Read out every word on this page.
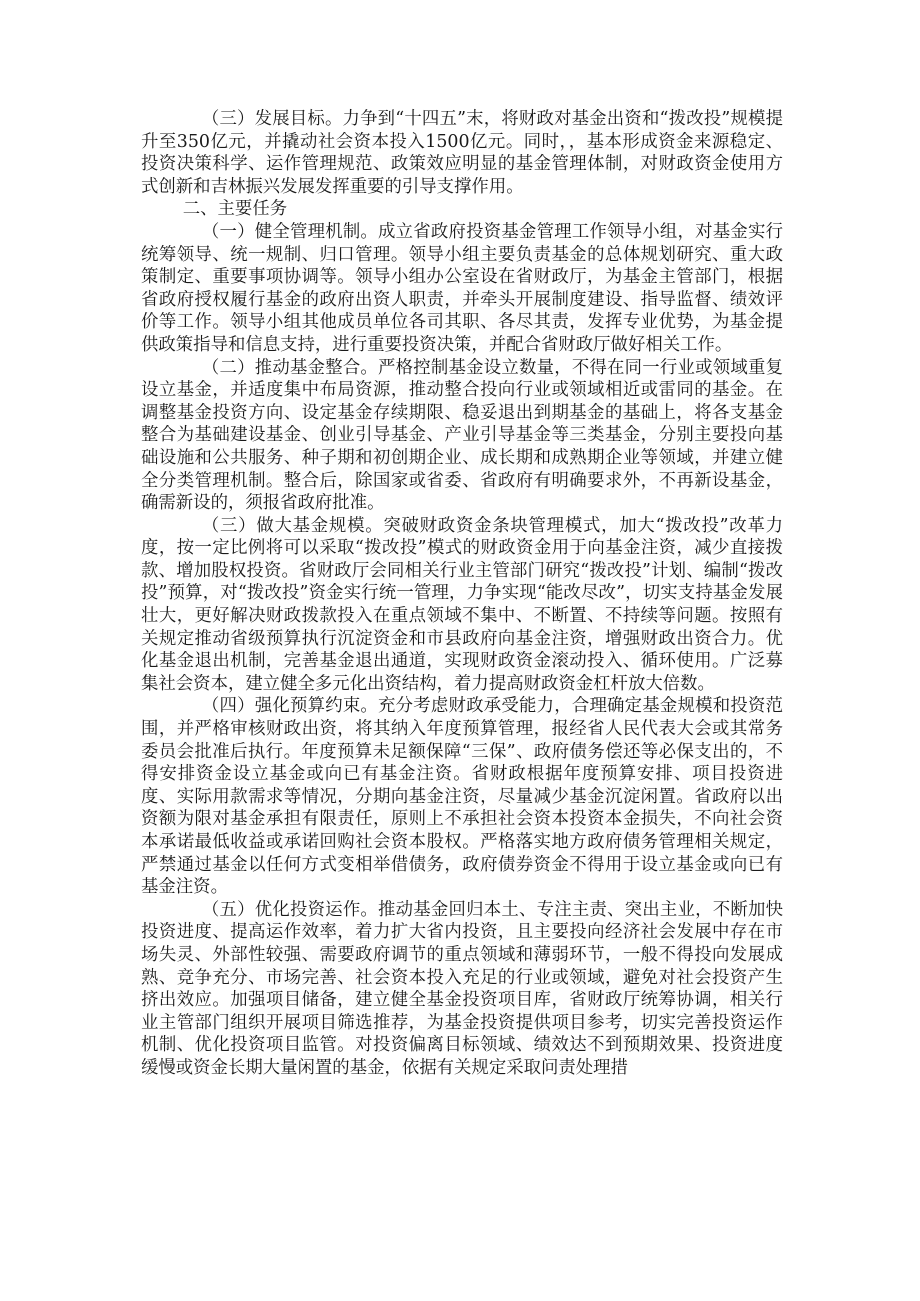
（三）发展目标。力争到“十四五”末，将财政对基金出资和“拨改投”规模提升至350亿元，并撬动社会资本投入1500亿元。同时，，基本形成资金来源稳定、投资决策科学、运作管理规范、政策效应明显的基金管理体制，对财政资金使用方式创新和吉林振兴发展发挥重要的引导支撑作用。

二、主要任务

（一）健全管理机制。成立省政府投资基金管理工作领导小组，对基金实行统筹领导、统一规制、归口管理。领导小组主要负责基金的总体规划研究、重大政策制定、重要事项协调等。领导小组办公室设在省财政厅，为基金主管部门，根据省政府授权履行基金的政府出资人职责，并牵头开展制度建设、指导监督、绩效评价等工作。领导小组其他成员单位各司其职、各尽其责，发挥专业优势，为基金提供政策指导和信息支持，进行重要投资决策，并配合省财政厅做好相关工作。

（二）推动基金整合。严格控制基金设立数量，不得在同一行业或领域重复设立基金，并适度集中布局资源，推动整合投向行业或领域相近或雷同的基金。在调整基金投资方向、设定基金存续期限、稳妥退出到期基金的基础上，将各支基金整合为基础建设基金、创业引导基金、产业引导基金等三类基金，分别主要投向基础设施和公共服务、种子期和初创期企业、成长期和成熟期企业等领域，并建立健全分类管理机制。整合后，除国家或省委、省政府有明确要求外，不再新设基金，确需新设的，须报省政府批准。

（三）做大基金规模。突破财政资金条块管理模式，加大“拨改投”改革力度，按一定比例将可以采取“拨改投”模式的财政资金用于向基金注资，减少直接拨款、增加股权投资。省财政厅会同相关行业主管部门研究“拨改投”计划、编制“拨改投”预算，对“拨改投”资金实行统一管理，力争实现“能改尽改”，切实支持基金发展壮大，更好解决财政拨款投入在重点领域不集中、不断置、不持续等问题。按照有关规定推动省级预算执行沉淀资金和市县政府向基金注资，增强财政出资合力。优化基金退出机制，完善基金退出通道，实现财政资金滚动投入、循环使用。广泛募集社会资本，建立健全多元化出资结构，着力提高财政资金杠杆放大倍数。

（四）强化预算约束。充分考虑财政承受能力，合理确定基金规模和投资范围，并严格审核财政出资，将其纳入年度预算管理，报经省人民代表大会或其常务委员会批准后执行。年度预算未足额保障“三保”、政府债务偿还等必保支出的，不得安排资金设立基金或向已有基金注资。省财政根据年度预算安排、项目投资进度、实际用款需求等情况，分期向基金注资，尽量减少基金沉淀闲置。省政府以出资额为限对基金承担有限责任，原则上不承担社会资本投资本金损失，不向社会资本承诺最低收益或承诺回购社会资本股权。严格落实地方政府债务管理相关规定，严禁通过基金以任何方式变相举借债务，政府债券资金不得用于设立基金或向已有基金注资。

（五）优化投资运作。推动基金回归本土、专注主责、突出主业，不断加快投资进度、提高运作效率，着力扩大省内投资，且主要投向经济社会发展中存在市场失灵、外部性较强、需要政府调节的重点领域和薄弱环节，一般不得投向发展成熟、竞争充分、市场完善、社会资本投入充足的行业或领域，避免对社会投资产生挤出效应。加强项目储备，建立健全基金投资项目库，省财政厅统筹协调，相关行业主管部门组织开展项目筛选推荐，为基金投资提供项目参考，切实完善投资运作机制、优化投资项目监管。对投资偏离目标领域、绩效达不到预期效果、投资进度缓慢或资金长期大量闲置的基金，依据有关规定采取问责处理措
